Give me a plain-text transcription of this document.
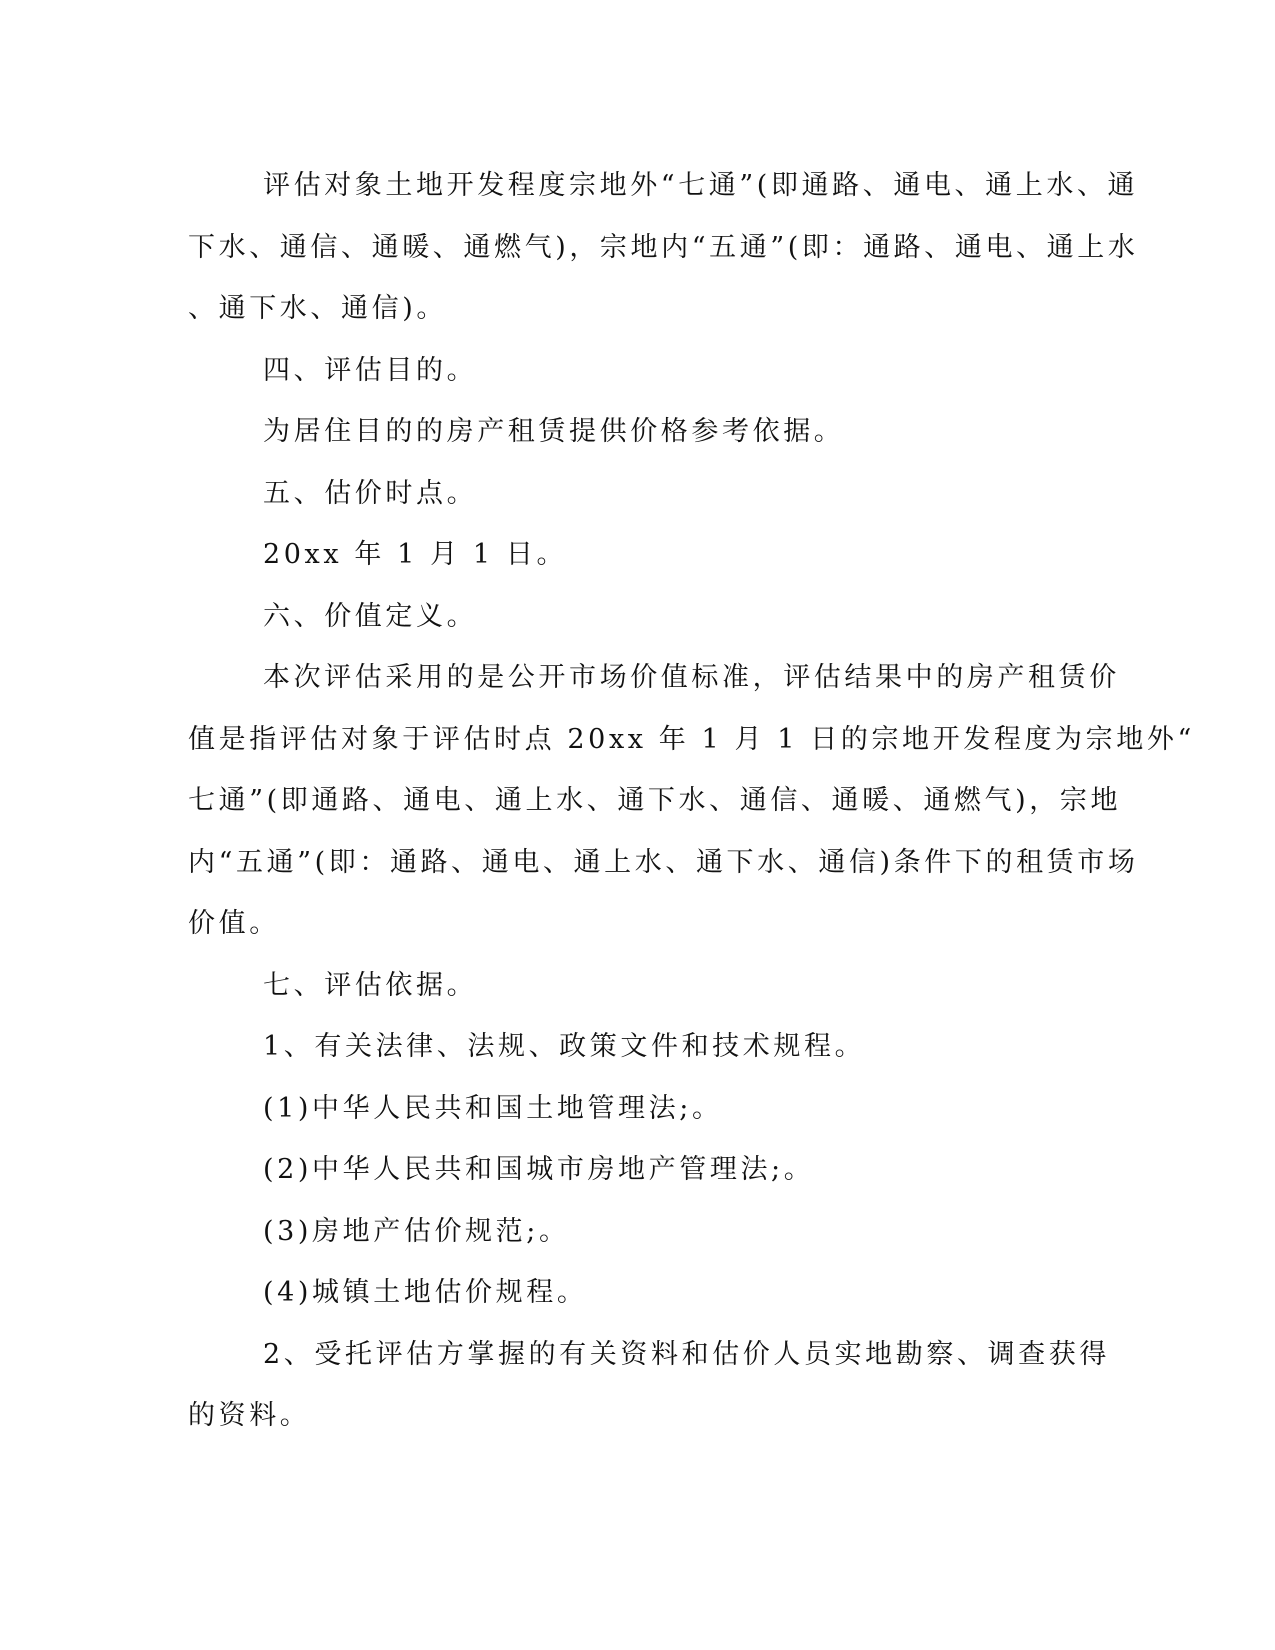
评估对象土地开发程度宗地外“七通”(即通路、通电、通上水、通

下水、通信、通暖、通燃气)，宗地内“五通”(即：通路、通电、通上水

、通下水、通信)。

四、评估目的。

为居住目的的房产租赁提供价格参考依据。

五、估价时点。

20xx 年 1 月 1 日。

六、价值定义。

本次评估采用的是公开市场价值标准，评估结果中的房产租赁价

值是指评估对象于评估时点 20xx 年 1 月 1 日的宗地开发程度为宗地外“

七通”(即通路、通电、通上水、通下水、通信、通暖、通燃气)，宗地

内“五通”(即：通路、通电、通上水、通下水、通信)条件下的租赁市场

价值。

七、评估依据。

1、有关法律、法规、政策文件和技术规程。

(1)中华人民共和国土地管理法;。

(2)中华人民共和国城市房地产管理法;。

(3)房地产估价规范;。

(4)城镇土地估价规程。

2、受托评估方掌握的有关资料和估价人员实地勘察、调查获得

的资料。
